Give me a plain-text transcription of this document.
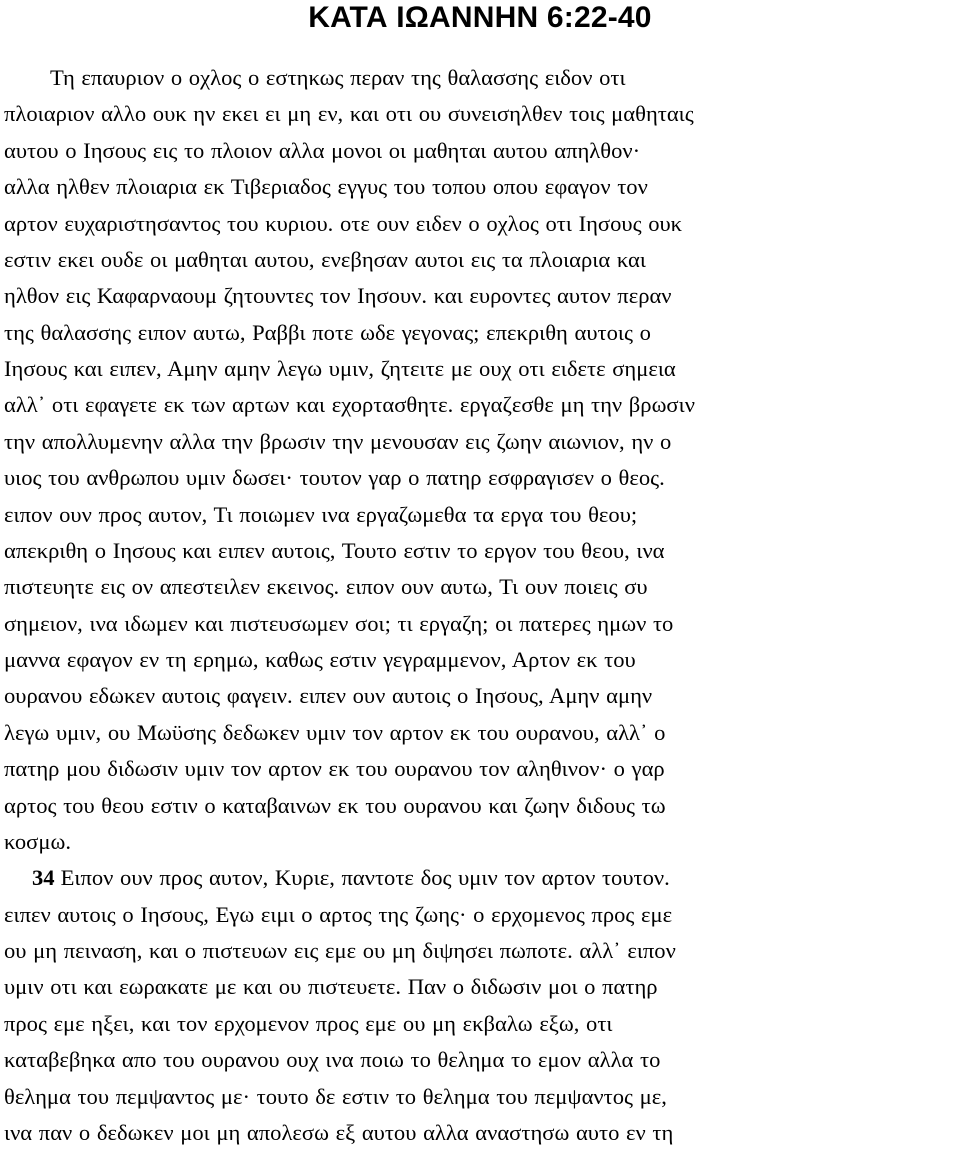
ΚΑΤΑ ΙΩΑΝΝΗΝ 6:22-40
Τη επαυριον ο οχλος ο εστηκως περαν της θαλασσης ειδον οτι
πλοιαριον αλλο ουκ ην εκει ει μη εν, και οτι ου συνεισηλθεν τοις μαθηταις
αυτου ο Ιησους εις το πλοιον αλλα μονοι οι μαθηται αυτου απηλθον·
αλλα ηλθεν πλοιαρια εκ Τιβεριαδος εγγυς του τοπου οπου εφαγον τον
αρτον ευχαριστησαντος του κυριου. οτε ουν ειδεν ο οχλος οτι Ιησους ουκ
εστιν εκει ουδε οι μαθηται αυτου, ενεβησαν αυτοι εις τα πλοιαρια και
ηλθον εις Καφαρναουμ ζητουντες τον Ιησουν. και ευροντες αυτον περαν
της θαλασσης ειπον αυτω, Ραββι ποτε ωδε γεγονας; επεκριθη αυτοις ο
Ιησους και ειπεν, Αμην αμην λεγω υμιν, ζητειτε με ουχ οτι ειδετε σημεια
αλλ᾽ οτι εφαγετε εκ των αρτων και εχορτασθητε. εργαζεσθε μη την βρωσιν
την απολλυμενην αλλα την βρωσιν την μενουσαν εις ζωην αιωνιον, ην ο
υιος του ανθρωπου υμιν δωσει· τουτον γαρ ο πατηρ εσφραγισεν ο θεος.
ειπον ουν προς αυτον, Τι ποιωμεν ινα εργαζωμεθα τα εργα του θεου;
απεκριθη ο Ιησους και ειπεν αυτοις, Τουτο εστιν το εργον του θεου, ινα
πιστευητε εις ον απεστειλεν εκεινος. ειπον ουν αυτω, Τι ουν ποιεις συ
σημειον, ινα ιδωμεν και πιστευσωμεν σοι; τι εργαζη; οι πατερες ημων το
μαννα εφαγον εν τη ερημω, καθως εστιν γεγραμμενον, Αρτον εκ του
ουρανου εδωκεν αυτοις φαγειν. ειπεν ουν αυτοις ο Ιησους, Αμην αμην
λεγω υμιν, ου Μωϋσης δεδωκεν υμιν τον αρτον εκ του ουρανου, αλλ᾽ ο
πατηρ μου διδωσιν υμιν τον αρτον εκ του ουρανου τον αληθινον· ο γαρ
αρτος του θεου εστιν ο καταβαινων εκ του ουρανου και ζωην διδους τω
κοσμω.
34 Ειπον ουν προς αυτον, Κυριε, παντοτε δος υμιν τον αρτον τουτον.
ειπεν αυτοις ο Ιησους, Εγω ειμι ο αρτος της ζωης· ο ερχομενος προς εμε
ου μη πειναση, και ο πιστευων εις εμε ου μη διψησει πωποτε. αλλ᾽ ειπον
υμιν οτι και εωρακατε με και ου πιστευετε. Παν ο διδωσιν μοι ο πατηρ
προς εμε ηξει, και τον ερχομενον προς εμε ου μη εκβαλω εξω, οτι
καταβεβηκα απο του ουρανου ουχ ινα ποιω το θελημα το εμον αλλα το
θελημα του πεμψαντος με· τουτο δε εστιν το θελημα του πεμψαντος με,
ινα παν ο δεδωκεν μοι μη απολεσω εξ αυτου αλλα αναστησω αυτο εν τη
